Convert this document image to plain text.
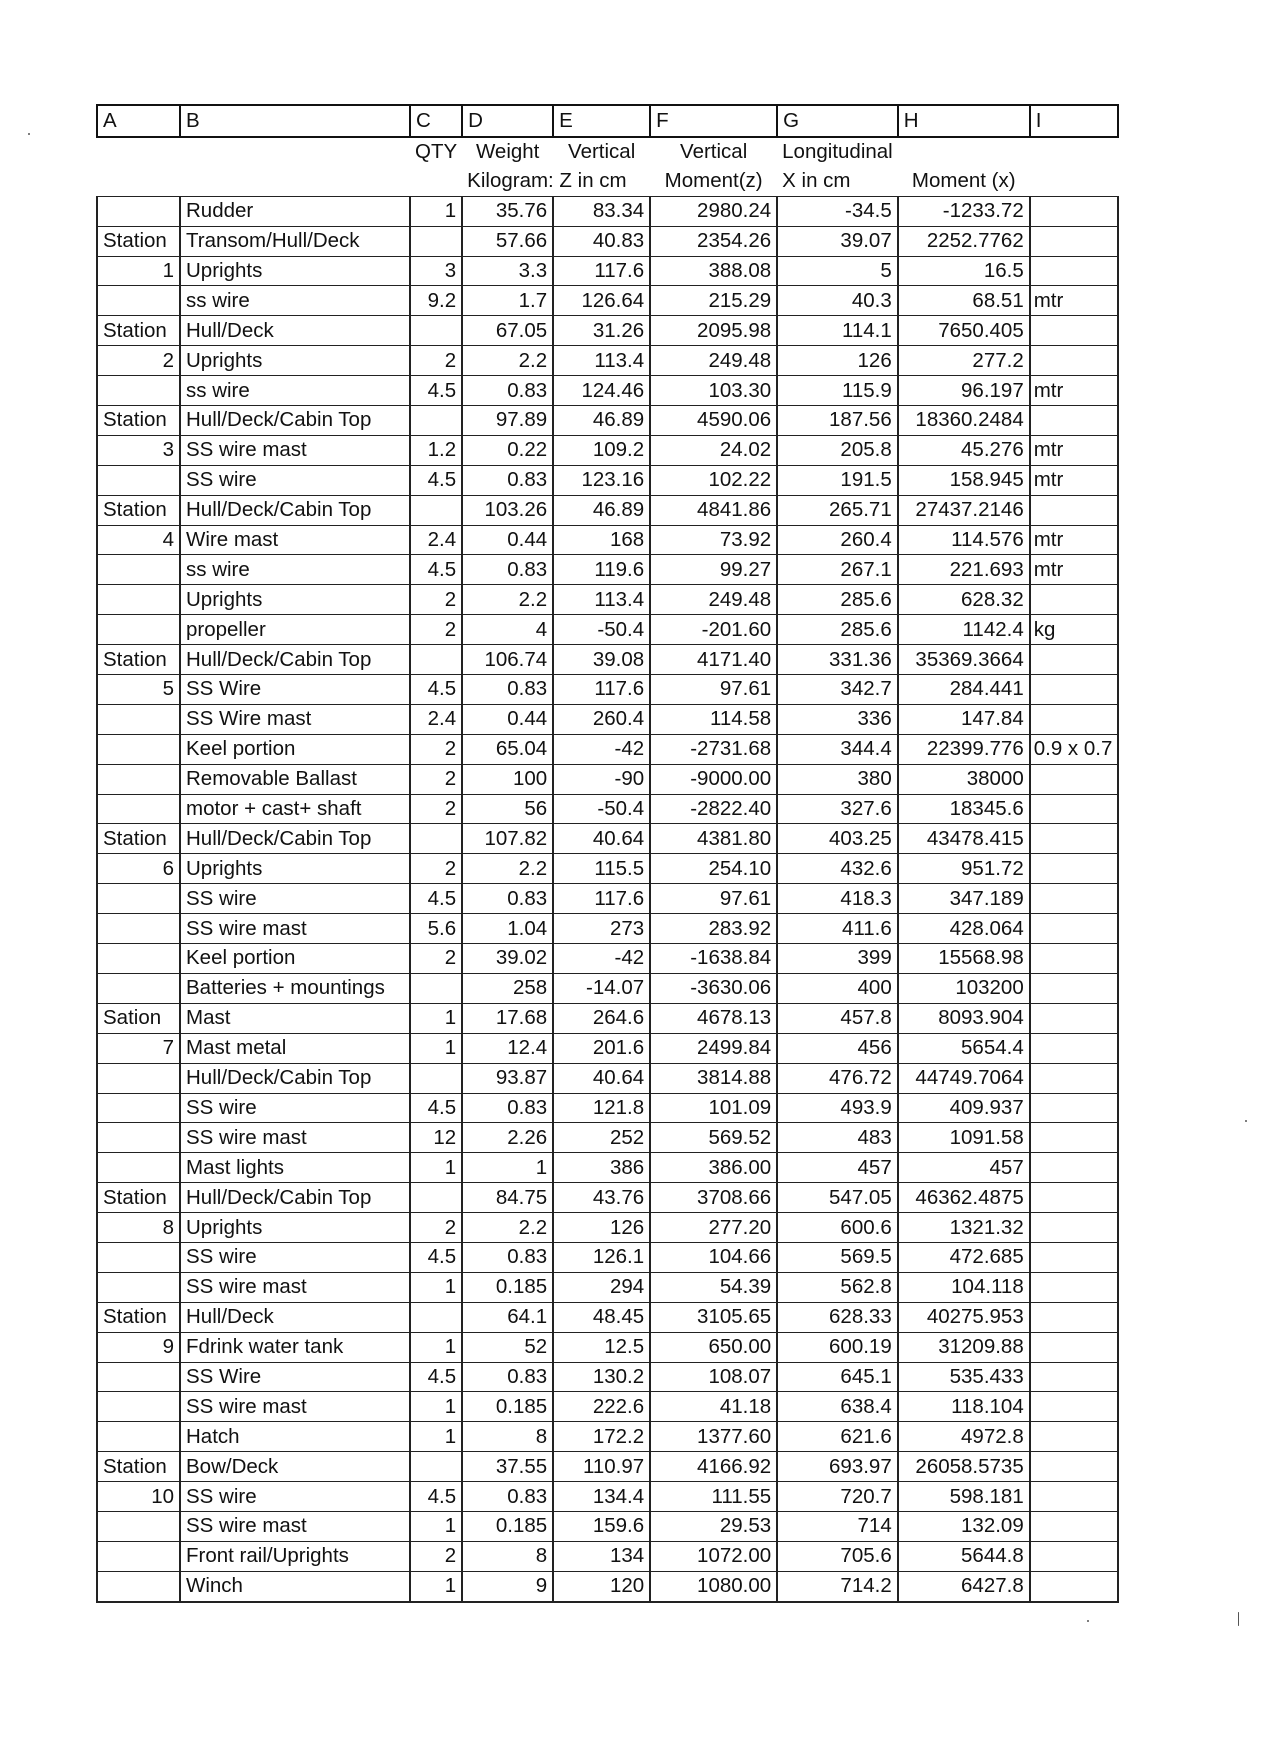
A	B	C	D	E	F	G	H	I
		QTY	Weight	Vertical	Vertical	Longitudinal		
			Kilogram: Z in cm		Moment(z)	X in cm	Moment (x)	
	Rudder	1	35.76	83.34	2980.24	-34.5	-1233.72	
Station	Transom/Hull/Deck		57.66	40.83	2354.26	39.07	2252.7762	
1	Uprights	3	3.3	117.6	388.08	5	16.5	
	ss wire	9.2	1.7	126.64	215.29	40.3	68.51	mtr
Station	Hull/Deck		67.05	31.26	2095.98	114.1	7650.405	
2	Uprights	2	2.2	113.4	249.48	126	277.2	
	ss wire	4.5	0.83	124.46	103.30	115.9	96.197	mtr
Station	Hull/Deck/Cabin Top		97.89	46.89	4590.06	187.56	18360.2484	
3	SS wire mast	1.2	0.22	109.2	24.02	205.8	45.276	mtr
	SS wire	4.5	0.83	123.16	102.22	191.5	158.945	mtr
Station	Hull/Deck/Cabin Top		103.26	46.89	4841.86	265.71	27437.2146	
4	Wire mast	2.4	0.44	168	73.92	260.4	114.576	mtr
	ss wire	4.5	0.83	119.6	99.27	267.1	221.693	mtr
	Uprights	2	2.2	113.4	249.48	285.6	628.32	
	propeller	2	4	-50.4	-201.60	285.6	1142.4	kg
Station	Hull/Deck/Cabin Top		106.74	39.08	4171.40	331.36	35369.3664	
5	SS Wire	4.5	0.83	117.6	97.61	342.7	284.441	
	SS Wire mast	2.4	0.44	260.4	114.58	336	147.84	
	Keel portion	2	65.04	-42	-2731.68	344.4	22399.776	0.9 x 0.7
	Removable Ballast	2	100	-90	-9000.00	380	38000	
	motor + cast+ shaft	2	56	-50.4	-2822.40	327.6	18345.6	
Station	Hull/Deck/Cabin Top		107.82	40.64	4381.80	403.25	43478.415	
6	Uprights	2	2.2	115.5	254.10	432.6	951.72	
	SS wire	4.5	0.83	117.6	97.61	418.3	347.189	
	SS wire mast	5.6	1.04	273	283.92	411.6	428.064	
	Keel portion	2	39.02	-42	-1638.84	399	15568.98	
	Batteries + mountings		258	-14.07	-3630.06	400	103200	
Sation	Mast	1	17.68	264.6	4678.13	457.8	8093.904	
7	Mast metal	1	12.4	201.6	2499.84	456	5654.4	
	Hull/Deck/Cabin Top		93.87	40.64	3814.88	476.72	44749.7064	
	SS wire	4.5	0.83	121.8	101.09	493.9	409.937	
	SS wire mast	12	2.26	252	569.52	483	1091.58	
	Mast lights	1	1	386	386.00	457	457	
Station	Hull/Deck/Cabin Top		84.75	43.76	3708.66	547.05	46362.4875	
8	Uprights	2	2.2	126	277.20	600.6	1321.32	
	SS wire	4.5	0.83	126.1	104.66	569.5	472.685	
	SS wire mast	1	0.185	294	54.39	562.8	104.118	
Station	Hull/Deck		64.1	48.45	3105.65	628.33	40275.953	
9	Fdrink water tank	1	52	12.5	650.00	600.19	31209.88	
	SS Wire	4.5	0.83	130.2	108.07	645.1	535.433	
	SS wire mast	1	0.185	222.6	41.18	638.4	118.104	
	Hatch	1	8	172.2	1377.60	621.6	4972.8	
Station	Bow/Deck		37.55	110.97	4166.92	693.97	26058.5735	
10	SS wire	4.5	0.83	134.4	111.55	720.7	598.181	
	SS wire mast	1	0.185	159.6	29.53	714	132.09	
	Front rail/Uprights	2	8	134	1072.00	705.6	5644.8	
	Winch	1	9	120	1080.00	714.2	6427.8	
